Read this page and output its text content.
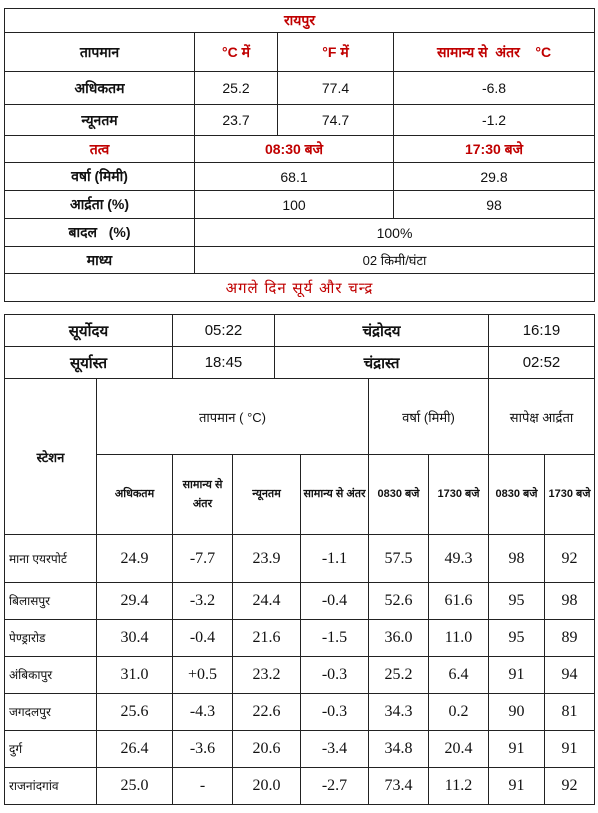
रायपुर			
तापमान	°C में	°F में	सामान्य से  अंतर    °C
अधिकतम	25.2	77.4	-6.8
न्यूनतम	23.7	74.7	-1.2
तत्व	08:30 बजे		17:30 बजे
वर्षा (मिमी)	68.1		29.8
आर्द्रता (%)	100		98
बादल   (%)	100%		
माध्य	02 किमी/घंटा		
अगले दिन सूर्य और चन्द्र			
सूर्योदय	05:22	चंद्रोदय	16:19
सूर्यास्त	18:45	चंद्रास्त	02:52
स्टेशन	तापमान ( °C)				वर्षा (मिमी)		सापेक्ष आर्द्रता	
	अधिकतम	सामान्य से अंतर	न्यूनतम	सामान्य से अंतर	0830 बजे	1730 बजे	0830 बजे	1730 बजे
माना एयरपोर्ट	24.9	-7.7	23.9	-1.1	57.5	49.3	98	92
बिलासपुर	29.4	-3.2	24.4	-0.4	52.6	61.6	95	98
पेण्ड्रारोड	30.4	-0.4	21.6	-1.5	36.0	11.0	95	89
अंबिकापुर	31.0	+0.5	23.2	-0.3	25.2	6.4	91	94
जगदलपुर	25.6	-4.3	22.6	-0.3	34.3	0.2	90	81
दुर्ग	26.4	-3.6	20.6	-3.4	34.8	20.4	91	91
राजनांदगांव	25.0	-	20.0	-2.7	73.4	11.2	91	92
